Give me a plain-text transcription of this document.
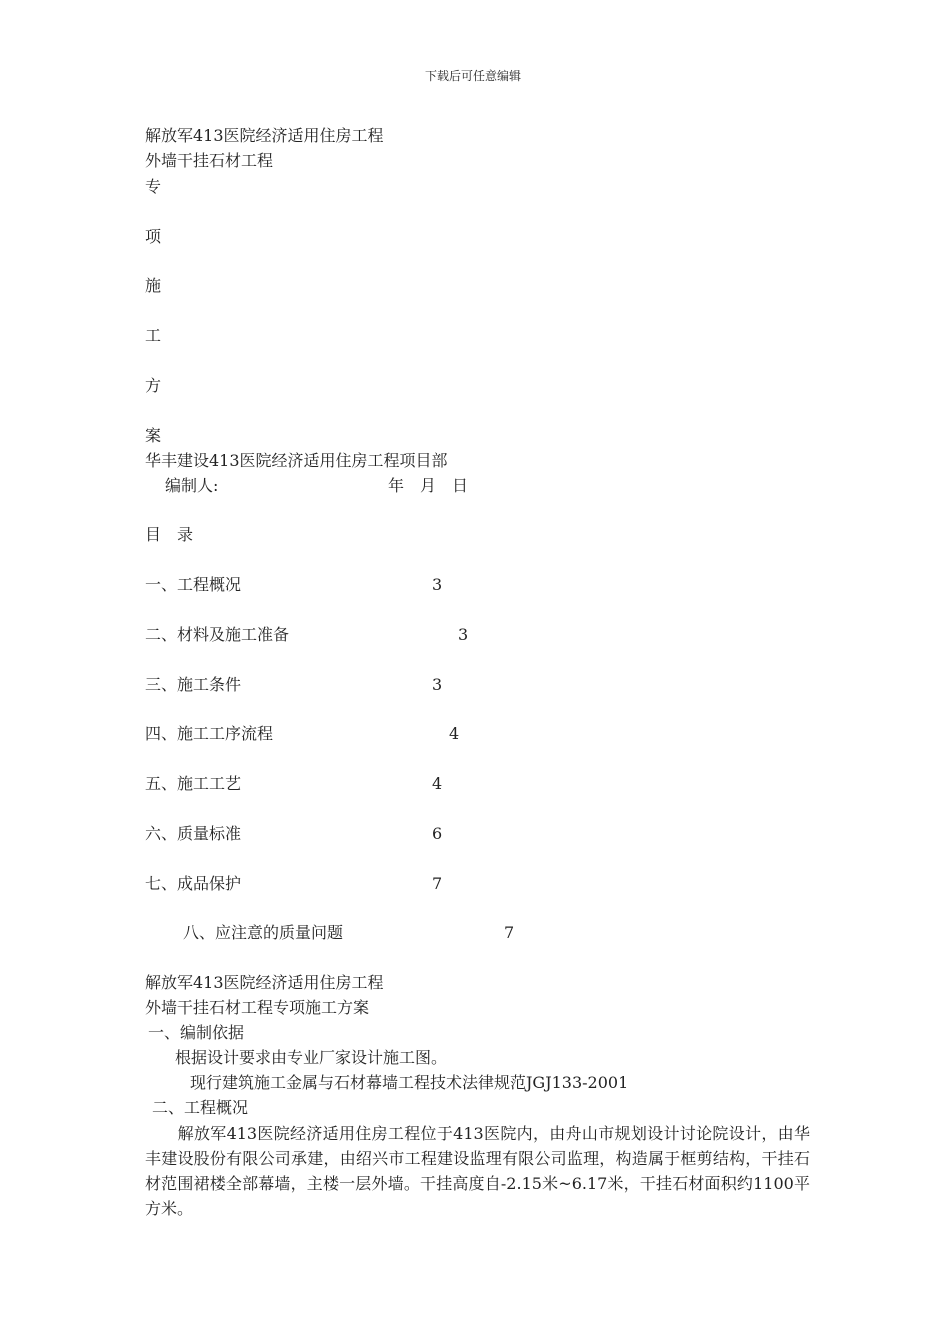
下载后可任意编辑
解放军413医院经济适用住房工程
外墙干挂石材工程
专
项
施
工
方
案
华丰建设413医院经济适用住房工程项目部
编制人:	年　月　日
目　录
一、工程概况	3
二、材料及施工准备	3
三、施工条件	3
四、施工工序流程	4
五、施工工艺	4
六、质量标准	6
七、成品保护	7
八、应注意的质量问题	7
解放军413医院经济适用住房工程
外墙干挂石材工程专项施工方案
一、编制依据
根据设计要求由专业厂家设计施工图。
现行建筑施工金属与石材幕墙工程技术法律规范JGJ133-2001
二、工程概况
　　解放军413医院经济适用住房工程位于413医院内，由舟山市规划设计讨论院设计，由华丰建设股份有限公司承建，由绍兴市工程建设监理有限公司监理，构造属于框剪结构，干挂石材范围裙楼全部幕墙，主楼一层外墙。干挂高度自-2.15米~6.17米，干挂石材面积约1100平方米。
